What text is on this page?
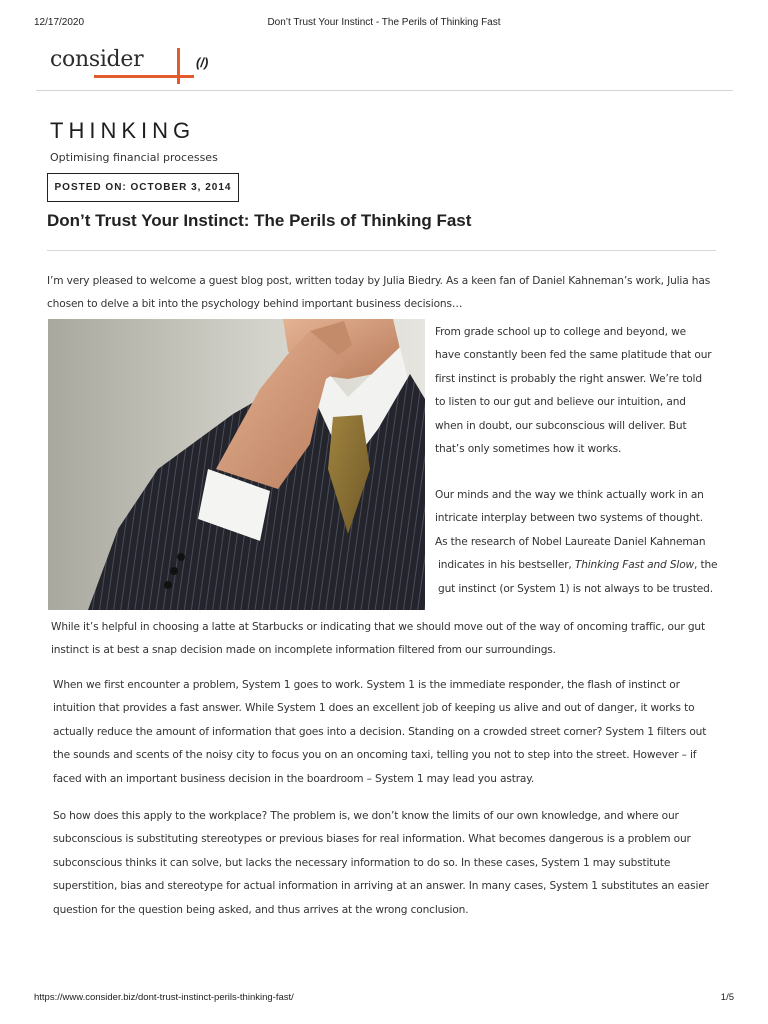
12/17/2020	Don’t Trust Your Instinct - The Perils of Thinking Fast
consider	(/)
THINKING
Optimising financial processes
POSTED ON: OCTOBER 3, 2014
Don’t Trust Your Instinct: The Perils of Thinking Fast
I’m very pleased to welcome a guest blog post, written today by Julia Biedry. As a keen fan of Daniel Kahneman’s work, Julia has
chosen to delve a bit into the psychology behind important business decisions…
From grade school up to college and beyond, we
have constantly been fed the same platitude that our
first instinct is probably the right answer. We’re told
to listen to our gut and believe our intuition, and
when in doubt, our subconscious will deliver. But
that’s only sometimes how it works.
Our minds and the way we think actually work in an
intricate interplay between two systems of thought.
As the research of Nobel Laureate Daniel Kahneman
indicates in his bestseller, Thinking Fast and Slow, the
gut instinct (or System 1) is not always to be trusted.
While it’s helpful in choosing a latte at Starbucks or indicating that we should move out of the way of oncoming traffic, our gut
instinct is at best a snap decision made on incomplete information filtered from our surroundings.
When we first encounter a problem, System 1 goes to work. System 1 is the immediate responder, the flash of instinct or
intuition that provides a fast answer. While System 1 does an excellent job of keeping us alive and out of danger, it works to
actually reduce the amount of information that goes into a decision. Standing on a crowded street corner? System 1 filters out
the sounds and scents of the noisy city to focus you on an oncoming taxi, telling you not to step into the street. However – if
faced with an important business decision in the boardroom – System 1 may lead you astray.
So how does this apply to the workplace? The problem is, we don’t know the limits of our own knowledge, and where our
subconscious is substituting stereotypes or previous biases for real information. What becomes dangerous is a problem our
subconscious thinks it can solve, but lacks the necessary information to do so. In these cases, System 1 may substitute
superstition, bias and stereotype for actual information in arriving at an answer. In many cases, System 1 substitutes an easier
question for the question being asked, and thus arrives at the wrong conclusion.
https://www.consider.biz/dont-trust-instinct-perils-thinking-fast/	1/5
